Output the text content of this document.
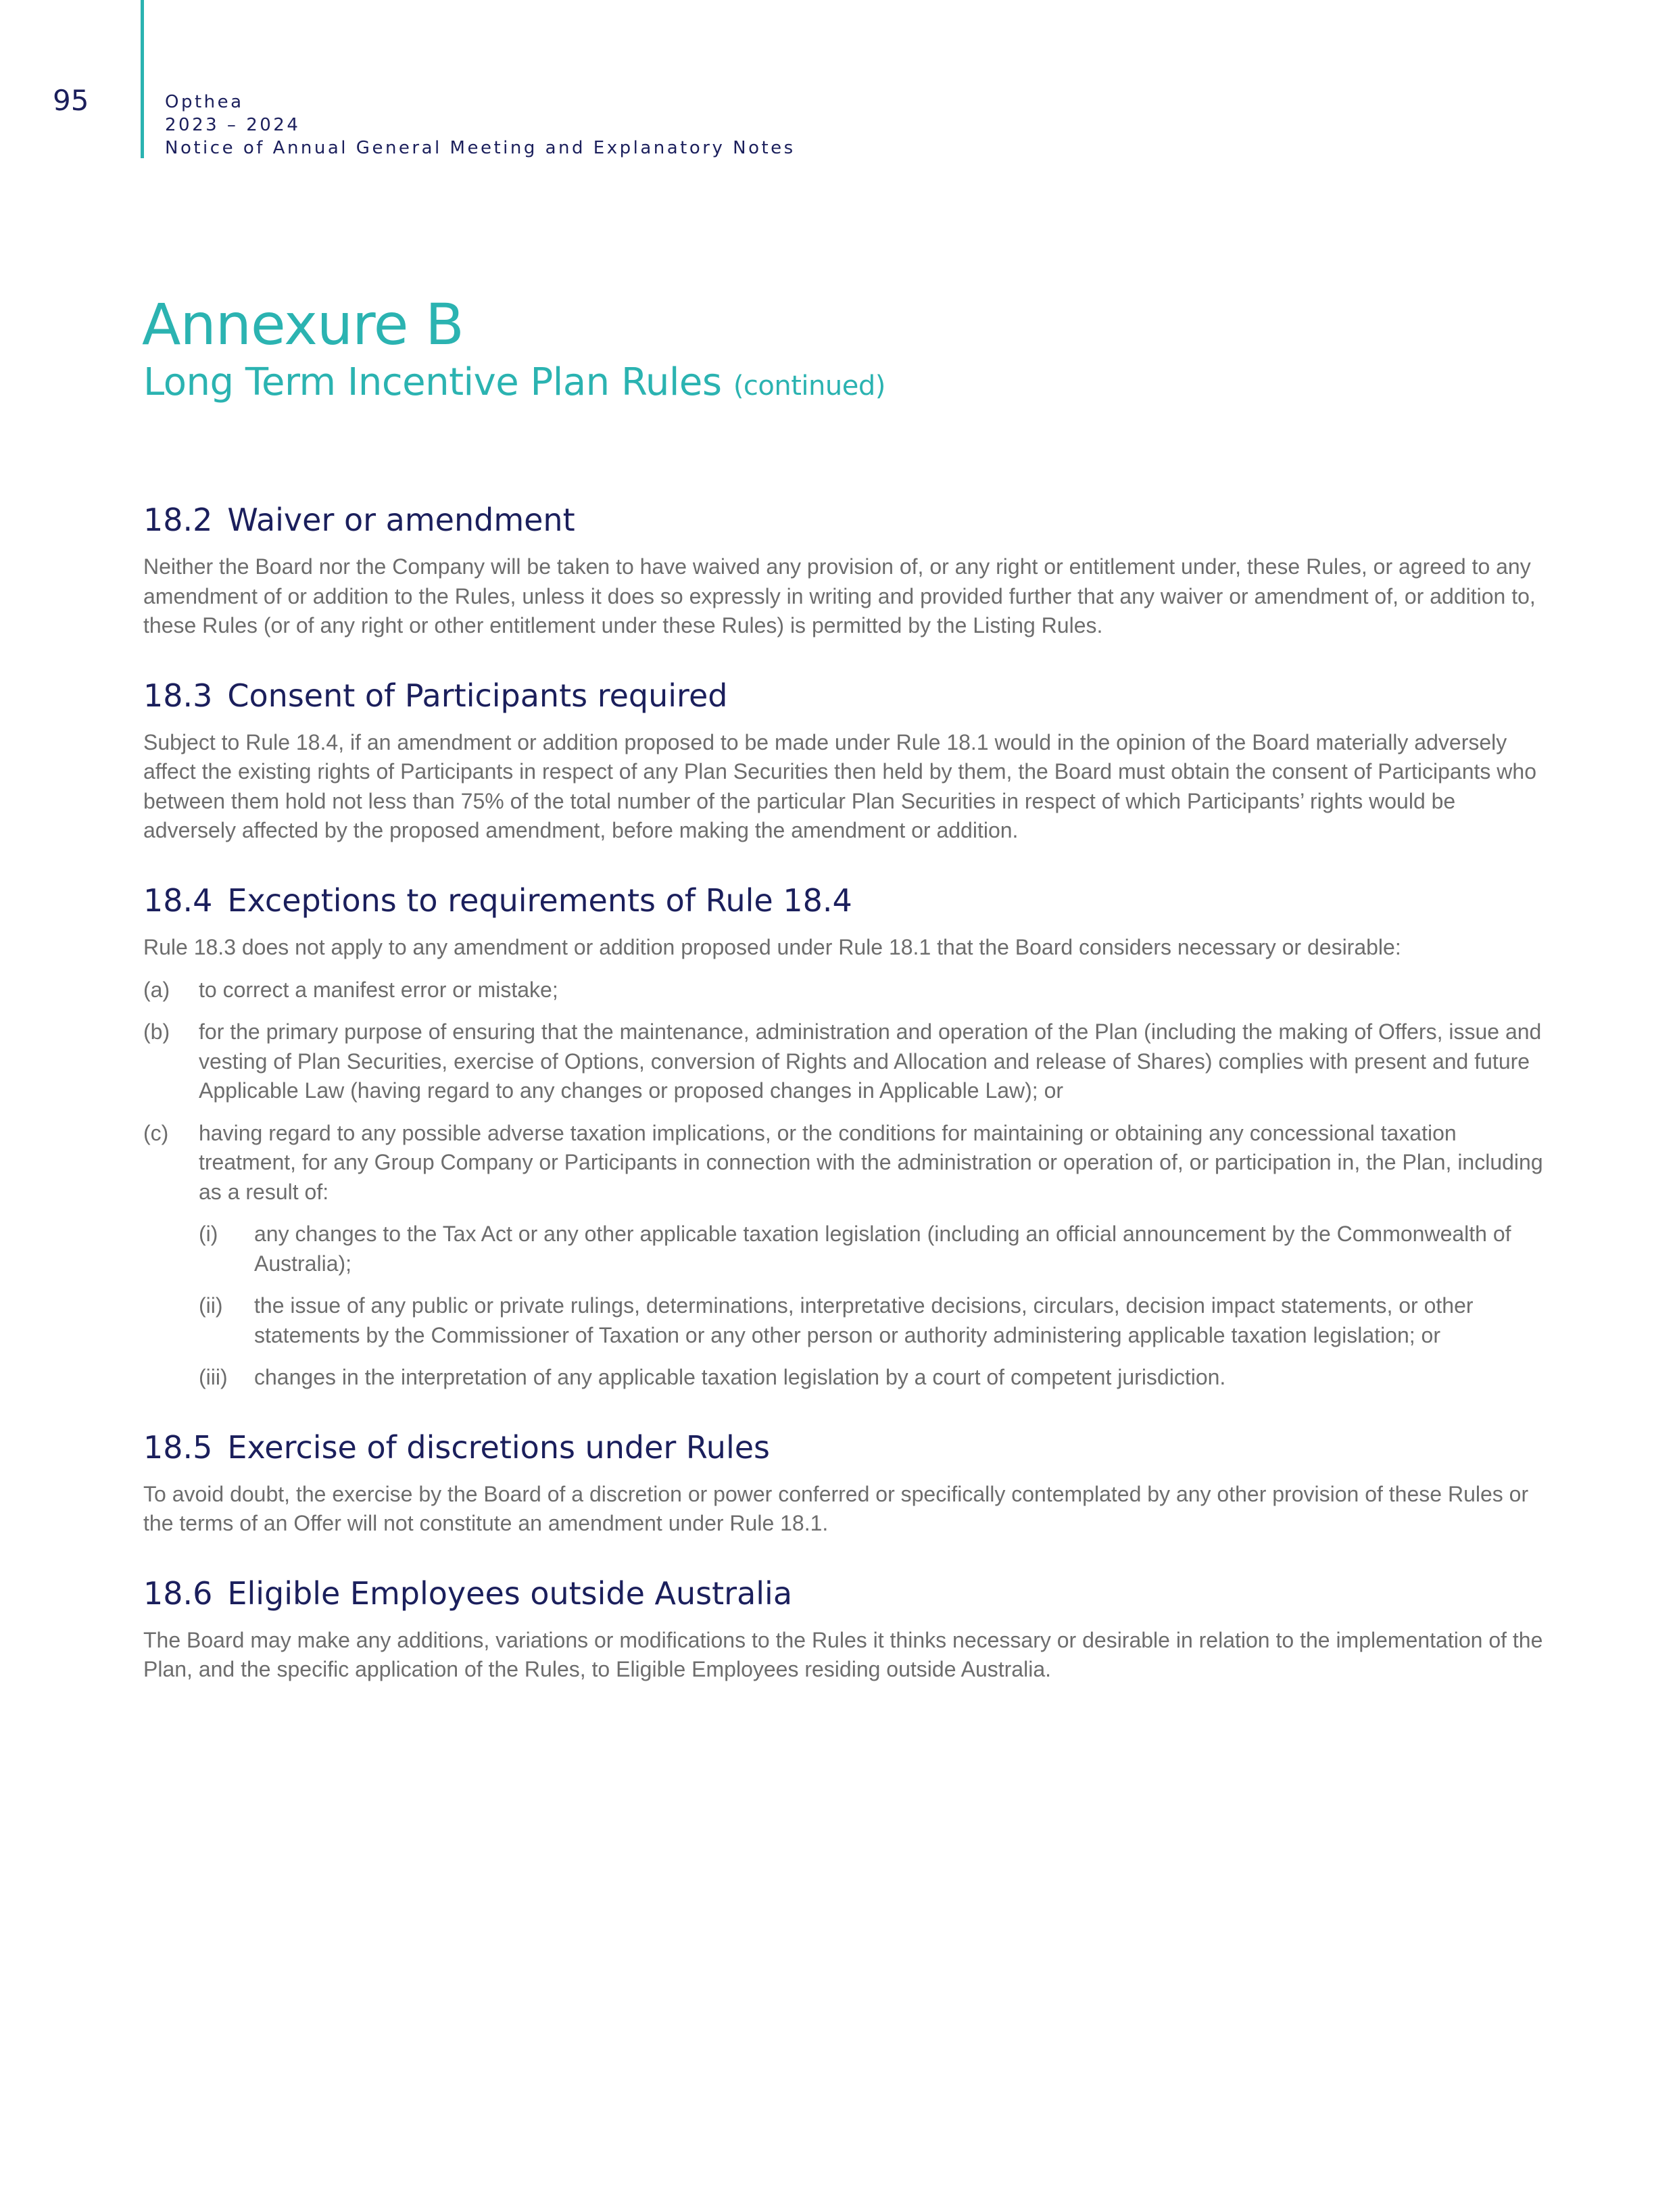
95	Opthea
2023 – 2024
Notice of Annual General Meeting and Explanatory Notes
Annexure B
Long Term Incentive Plan Rules (continued)
18.2 Waiver or amendment

Neither the Board nor the Company will be taken to have waived any provision of, or any right or entitlement under, these Rules, or agreed to any amendment of or addition to the Rules, unless it does so expressly in writing and provided further that any waiver or amendment of, or addition to, these Rules (or of any right or other entitlement under these Rules) is permitted by the Listing Rules.

18.3 Consent of Participants required

Subject to Rule 18.4, if an amendment or addition proposed to be made under Rule 18.1 would in the opinion of the Board materially adversely affect the existing rights of Participants in respect of any Plan Securities then held by them, the Board must obtain the consent of Participants who between them hold not less than 75% of the total number of the particular Plan Securities in respect of which Participants’ rights would be adversely affected by the proposed amendment, before making the amendment or addition.

18.4 Exceptions to requirements of Rule 18.4

Rule 18.3 does not apply to any amendment or addition proposed under Rule 18.1 that the Board considers necessary or desirable:

(a)	to correct a manifest error or mistake;

(b)	for the primary purpose of ensuring that the maintenance, administration and operation of the Plan (including the making of Offers, issue and vesting of Plan Securities, exercise of Options, conversion of Rights and Allocation and release of Shares) complies with present and future Applicable Law (having regard to any changes or proposed changes in Applicable Law); or

(c)	having regard to any possible adverse taxation implications, or the conditions for maintaining or obtaining any concessional taxation treatment, for any Group Company or Participants in connection with the administration or operation of, or participation in, the Plan, including as a result of:

(i)	any changes to the Tax Act or any other applicable taxation legislation (including an official announcement by the Commonwealth of Australia);

(ii)	the issue of any public or private rulings, determinations, interpretative decisions, circulars, decision impact statements, or other statements by the Commissioner of Taxation or any other person or authority administering applicable taxation legislation; or

(iii)	changes in the interpretation of any applicable taxation legislation by a court of competent jurisdiction.

18.5 Exercise of discretions under Rules

To avoid doubt, the exercise by the Board of a discretion or power conferred or specifically contemplated by any other provision of these Rules or the terms of an Offer will not constitute an amendment under Rule 18.1.

18.6 Eligible Employees outside Australia

The Board may make any additions, variations or modifications to the Rules it thinks necessary or desirable in relation to the implementation of the Plan, and the specific application of the Rules, to Eligible Employees residing outside Australia.
